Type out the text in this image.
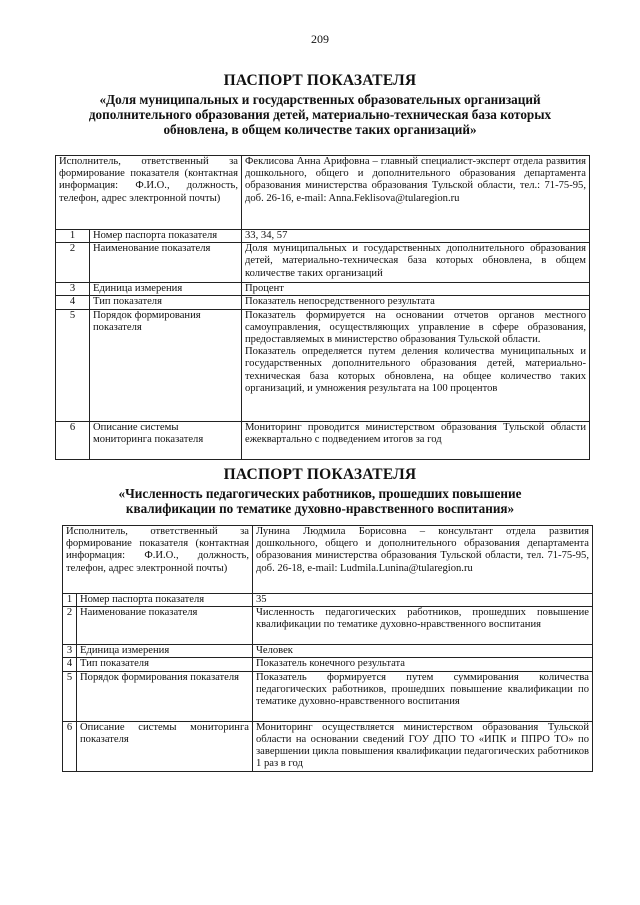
209
ПАСПОРТ ПОКАЗАТЕЛЯ
«Доля муниципальных и государственных образовательных организаций дополнительного образования детей, материально-техническая база которых обновлена, в общем количестве таких организаций»
Исполнитель, ответственный за формирование показателя (контактная информация: Ф.И.О., должность, телефон, адрес электронной почты)		Феклисова Анна Арифовна – главный специалист-эксперт отдела развития дошкольного, общего и дополнительного образования департамента образования министерства образования Тульской области, тел.: 71-75-95, доб. 26-16, e-mail: Anna.Feklisova@tularegion.ru
1	Номер паспорта показателя	33, 34, 57
2	Наименование показателя	Доля муниципальных и государственных дополнительного образования детей, материально-техническая база которых обновлена, в общем количестве таких организаций
3	Единица измерения	Процент
4	Тип показателя	Показатель непосредственного результата
5	Порядок формирования показателя	Показатель формируется на основании отчетов органов местного самоуправления, осуществляющих управление в сфере образования, предоставляемых в министерство образования Тульской области.
Показатель определяется путем деления количества муниципальных и государственных дополнительного образования детей, материально-техническая база которых обновлена, на общее количество таких организаций, и умножения результата на 100 процентов

6	Описание системы мониторинга показателя	Мониторинг проводится министерством образования Тульской области ежеквартально с подведением итогов за год
ПАСПОРТ ПОКАЗАТЕЛЯ
«Численность педагогических работников, прошедших повышение квалификации по тематике духовно-нравственного воспитания»
Исполнитель, ответственный за формирование показателя (контактная информация: Ф.И.О., должность, телефон, адрес электронной почты)		Лунина Людмила Борисовна – консультант отдела развития дошкольного, общего и дополнительного образования департамента образования министерства образования Тульской области, тел. 71-75-95, доб. 26-18, e-mail: Ludmila.Lunina@tularegion.ru
1	Номер паспорта показателя	35
2	Наименование показателя	Численность педагогических работников, прошедших повышение квалификации по тематике духовно-нравственного воспитания
3	Единица измерения	Человек
4	Тип показателя	Показатель конечного результата
5	Порядок формирования показателя	Показатель формируется путем суммирования количества педагогических работников, прошедших повышение квалификации по тематике духовно-нравственного воспитания
6	Описание системы мониторинга показателя	Мониторинг осуществляется министерством образования Тульской области на основании сведений ГОУ ДПО ТО «ИПК и ППРО ТО» по завершении цикла повышения квалификации педагогических работников 1 раз в год
